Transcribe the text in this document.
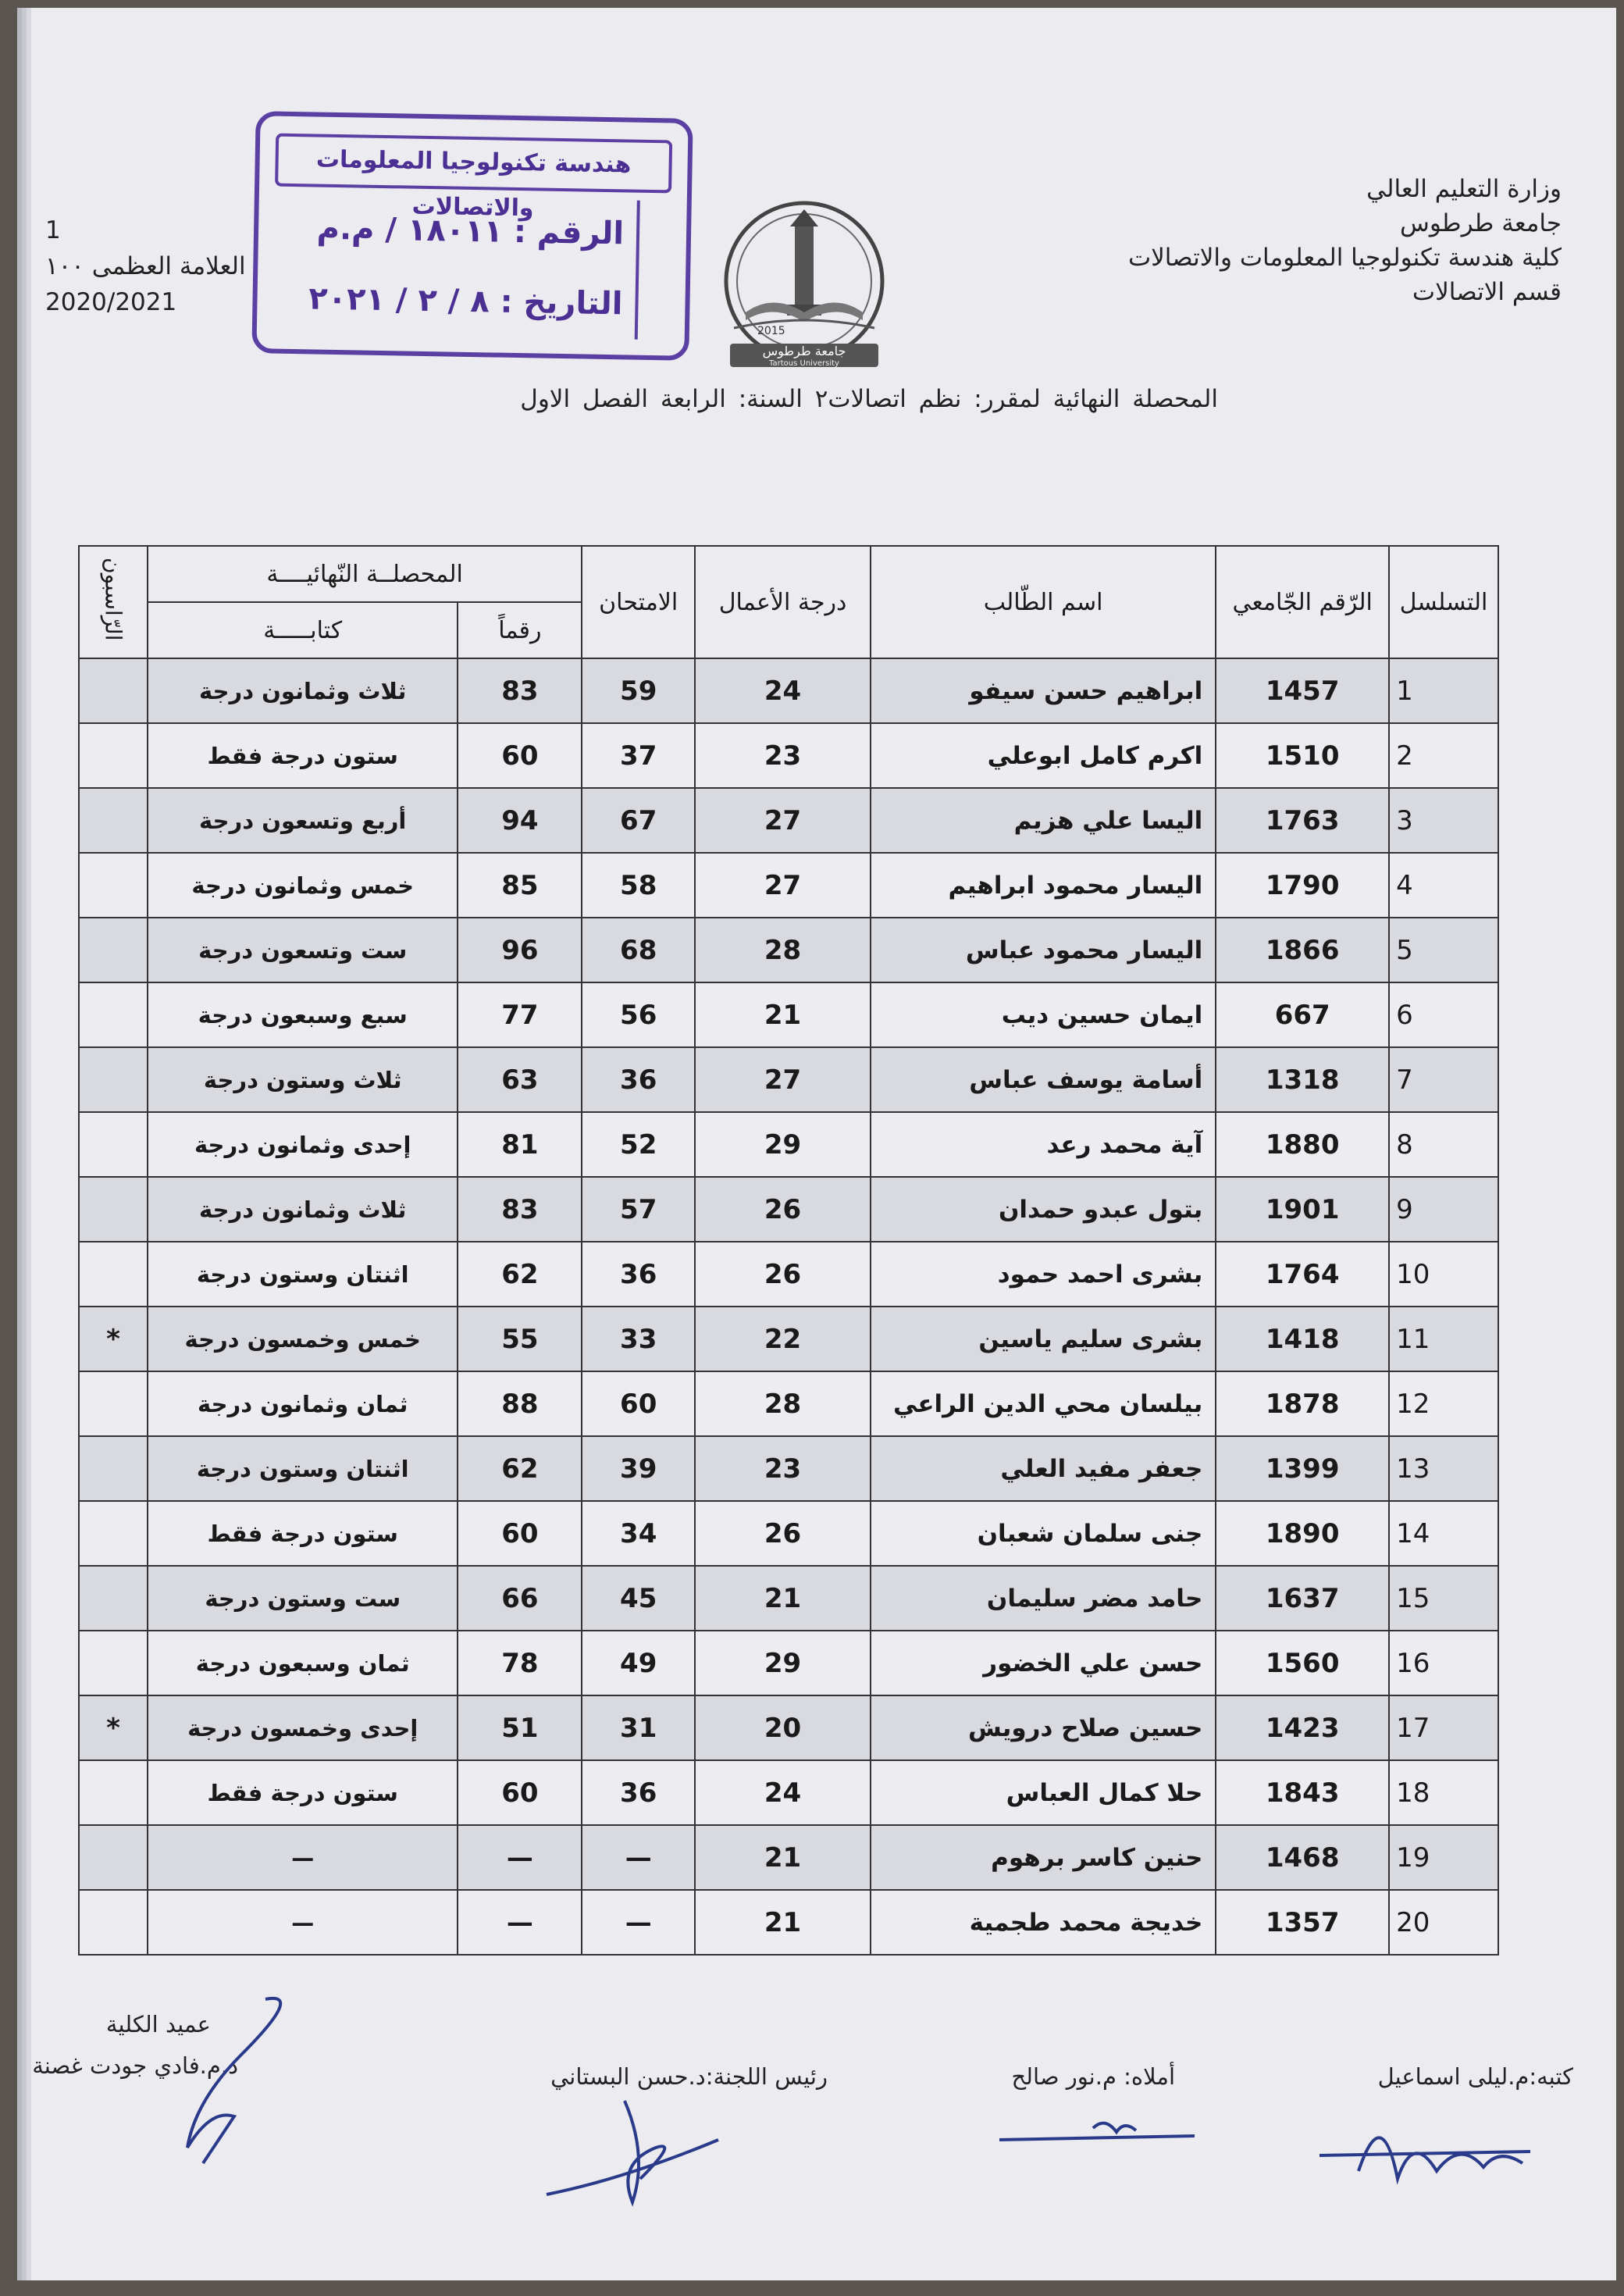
وزارة التعليم العالي
جامعة طرطوس
كلية هندسة تكنولوجيا المعلومات والاتصالات
قسم الاتصالات
1
العلامة العظمى ١٠٠
2020/2021
2015
جامعة طرطوس
Tartous University
هندسة تكنولوجيا المعلومات والاتصالات
الرقم : ١٨٠١١ / م.م
التاريخ : ٨ / ٢ / ٢٠٢١
المحصلة النهائية لمقرر: نظم اتصالات٢ السنة: الرابعة الفصل الاول
التسلسل	الرّقم الجّامعي	اسم الطّالب	درجة الأعمال	الامتحان	المحصلــة النّهائيــــة		الرّاسبون
					رقماً	كتابـــــة	
1	1457	ابراهيم حسن سيفو	24	59	83	ثلاث وثمانون درجة	
2	1510	اكرم كامل ابوعلي	23	37	60	ستون درجة فقط	
3	1763	اليسا علي هزيم	27	67	94	أربع وتسعون درجة	
4	1790	اليسار محمود ابراهيم	27	58	85	خمس وثمانون درجة	
5	1866	اليسار محمود عباس	28	68	96	ست وتسعون درجة	
6	667	ايمان حسين ديب	21	56	77	سبع وسبعون درجة	
7	1318	أسامة يوسف عباس	27	36	63	ثلاث وستون درجة	
8	1880	آية محمد رعد	29	52	81	إحدى وثمانون درجة	
9	1901	بتول عبدو حمدان	26	57	83	ثلاث وثمانون درجة	
10	1764	بشرى احمد حمود	26	36	62	اثنتان وستون درجة	
11	1418	بشرى سليم ياسين	22	33	55	خمس وخمسون درجة	*
12	1878	بيلسان محي الدين الراعي	28	60	88	ثمان وثمانون درجة	
13	1399	جعفر مفيد العلي	23	39	62	اثنتان وستون درجة	
14	1890	جنى سلمان شعبان	26	34	60	ستون درجة فقط	
15	1637	حامد مضر سليمان	21	45	66	ست وستون درجة	
16	1560	حسن علي الخضور	29	49	78	ثمان وسبعون درجة	
17	1423	حسين صلاح درويش	20	31	51	إحدى وخمسون درجة	*
18	1843	حلا كمال العباس	24	36	60	ستون درجة فقط	
19	1468	حنين كاسر برهوم	21	—	—	—	
20	1357	خديجة محمد طجمية	21	—	—	—	
كتبه:م.ليلى اسماعيل
أملاه: م.نور صالح
رئيس اللجنة:د.حسن البستاني
عميد الكلية
د.م.فادي جودت غصنة
